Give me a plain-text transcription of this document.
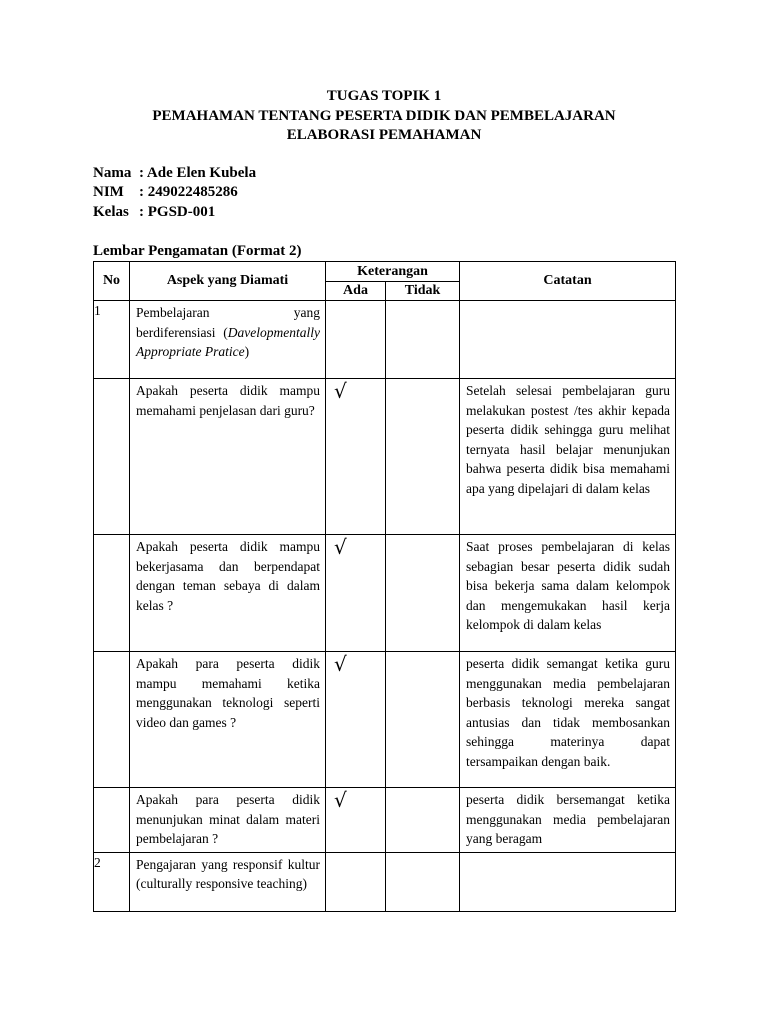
TUGAS TOPIK 1
PEMAHAMAN TENTANG PESERTA DIDIK DAN PEMBELAJARAN
ELABORASI PEMAHAMAN
Nama : Ade Elen Kubela
NIM : 249022485286
Kelas : PGSD-001
Lembar Pengamatan (Format 2)
No	Aspek yang Diamati	Keterangan		Catatan
		Ada	Tidak	
1	Pembelajaran yang berdiferensiasi (Davelopmentally Appropriate Pratice)			

	Apakah peserta didik mampu memahami penjelasan dari guru?	√		Setelah selesai pembelajaran guru melakukan postest /tes akhir kepada peserta didik sehingga guru melihat ternyata hasil belajar menunjukan bahwa peserta didik bisa memahami apa yang dipelajari di dalam kelas

	Apakah peserta didik mampu bekerjasama dan berpendapat dengan teman sebaya di dalam kelas ?	√		Saat proses pembelajaran di kelas sebagian besar peserta didik sudah bisa bekerja sama dalam kelompok dan mengemukakan hasil kerja kelompok di dalam kelas

	Apakah para peserta didik mampu memahami ketika menggunakan teknologi seperti video dan games ?	√		peserta didik semangat ketika guru menggunakan media pembelajaran berbasis teknologi mereka sangat antusias dan tidak membosankan sehingga materinya dapat tersampaikan dengan baik.

	Apakah para peserta didik menunjukan minat dalam materi pembelajaran ?	√		peserta didik bersemangat ketika menggunakan media pembelajaran yang beragam

2	Pengajaran yang responsif kultur (culturally responsive teaching)			
